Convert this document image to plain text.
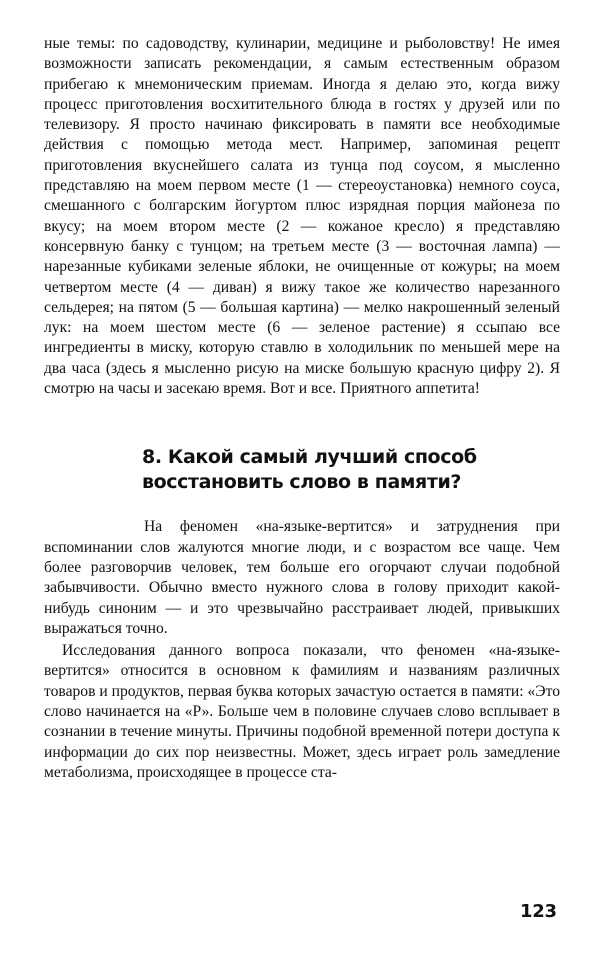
ные темы: по садоводству, кулинарии, медицине и рыболовству! Не имея возможности записать рекомендации, я самым естественным образом прибегаю к мнемоническим приемам. Иногда я делаю это, когда вижу процесс приготовления восхитительного блюда в гостях у друзей или по телевизору. Я просто начинаю фиксировать в памяти все необходимые действия с помощью метода мест. Например, запоминая рецепт приготовления вкуснейшего салата из тунца под соусом, я мысленно представляю на моем первом месте (1 — стереоустановка) немного соуса, смешанного с болгарским йогуртом плюс изрядная порция майонеза по вкусу; на моем втором месте (2 — кожаное кресло) я представляю консервную банку с тунцом; на третьем месте (3 — восточная лампа) — нарезанные кубиками зеленые яблоки, не очищенные от кожуры; на моем четвертом месте (4 — диван) я вижу такое же количество нарезанного сельдерея; на пятом (5 — большая картина) — мелко накрошенный зеленый лук: на моем шестом месте (6 — зеленое растение) я ссыпаю все ингредиенты в миску, которую ставлю в холодильник по меньшей мере на два часа (здесь я мысленно рисую на миске большую красную цифру 2). Я смотрю на часы и засекаю время. Вот и все. Приятного аппетита!

8. Какой самый лучший способ
восстановить слово в памяти?

На феномен «на-языке-вертится» и затруднения при вспоминании слов жалуются многие люди, и с возрастом все чаще. Чем более разговорчив человек, тем больше его огорчают случаи подобной забывчивости. Обычно вместо нужного слова в голову приходит какой-нибудь синоним — и это чрезвычайно расстраивает людей, привыкших выражаться точно.

Исследования данного вопроса показали, что феномен «на-языке-вертится» относится в основном к фамилиям и названиям различных товаров и продуктов, первая буква которых зачастую остается в памяти: «Это слово начинается на «Р». Больше чем в половине случаев слово всплывает в сознании в течение минуты. Причины подобной временной потери доступа к информации до сих пор неизвестны. Может, здесь играет роль замедление метаболизма, происходящее в процессе ста-

123
